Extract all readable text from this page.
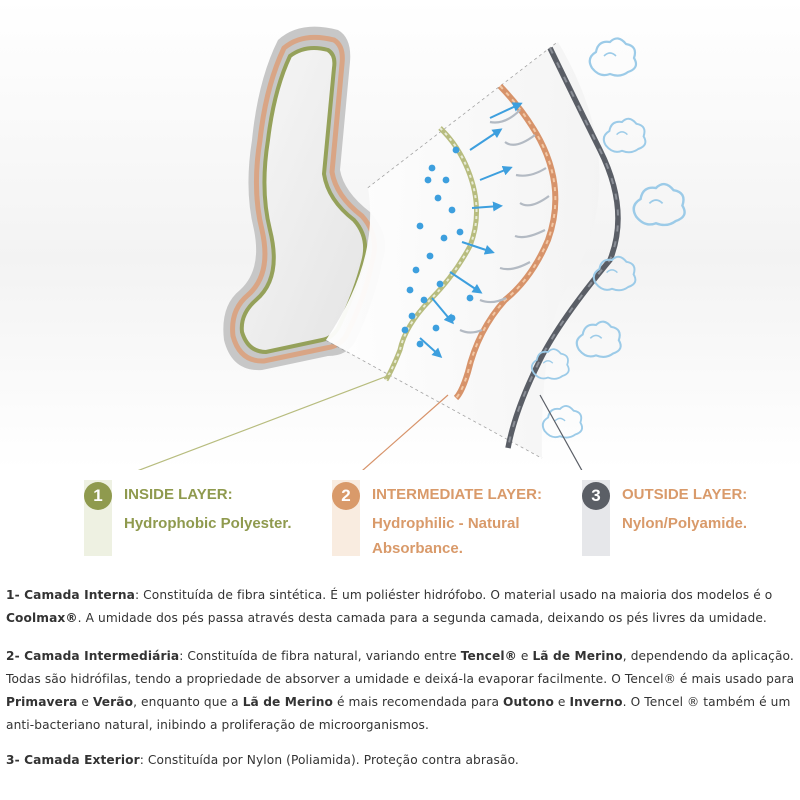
1	INSIDE LAYER:
Hydrophobic Polyester.
2	INTERMEDIATE LAYER:
Hydrophilic - Natural Absorbance.
3	OUTSIDE LAYER:
Nylon/Polyamide.

1- Camada Interna: Constituída de fibra sintética. É um poliéster hidrófobo. O material usado na maioria dos modelos é o Coolmax®. A umidade dos pés passa através desta camada para a segunda camada, deixando os pés livres da umidade.

2- Camada Intermediária: Constituída de fibra natural, variando entre Tencel® e Lã de Merino, dependendo da aplicação. Todas são hidrófilas, tendo a propriedade de absorver a umidade e deixá-la evaporar facilmente. O Tencel® é mais usado para Primavera e Verão, enquanto que a Lã de Merino é mais recomendada para Outono e Inverno. O Tencel ® também é um anti-bacteriano natural, inibindo a proliferação de microorganismos.

3- Camada Exterior: Constituída por Nylon (Poliamida). Proteção contra abrasão.
